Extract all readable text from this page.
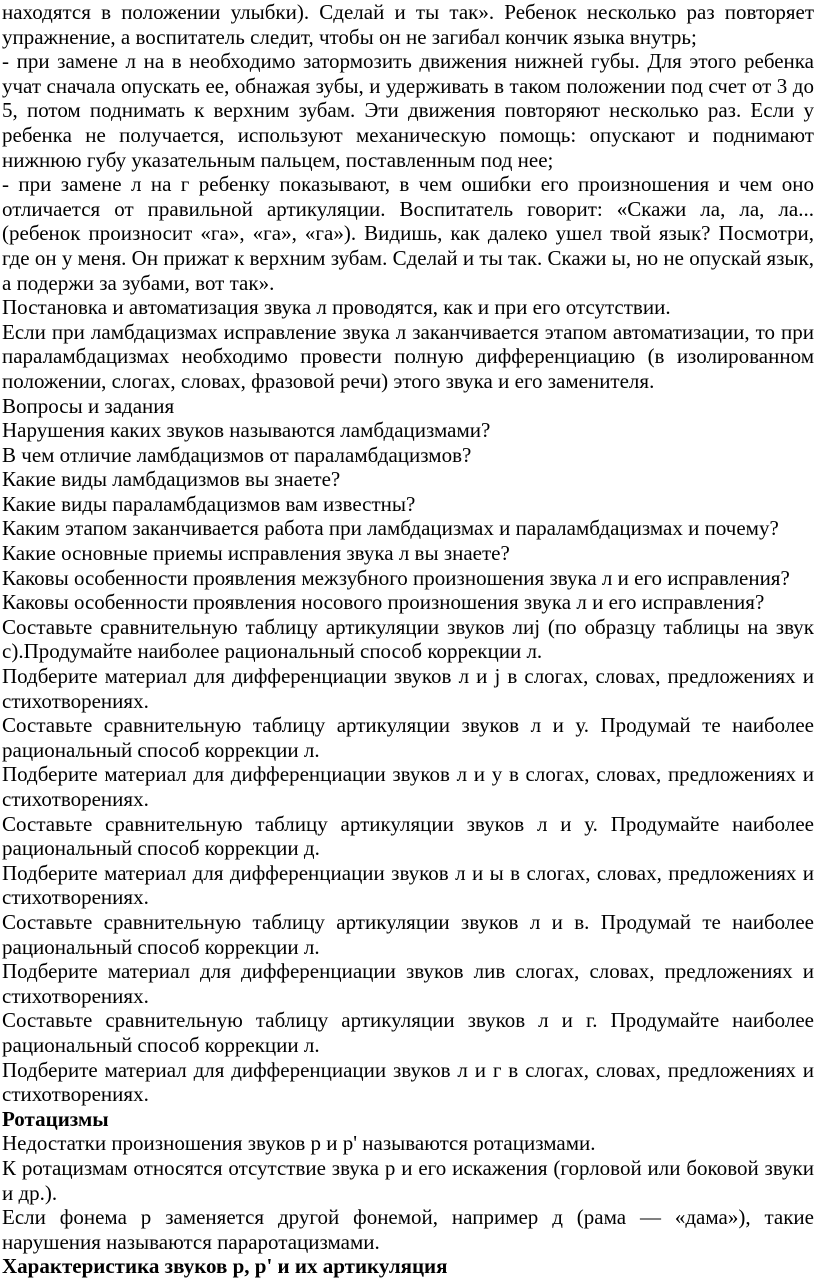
находятся в положении улыбки). Сделай и ты так». Ребенок несколько раз повторяет упражнение, а воспитатель следит, чтобы он не загибал кончик языка внутрь;

- при замене л на в необходимо затормозить движения нижней губы. Для этого ребенка учат сначала опускать ее, обнажая зубы, и удерживать в таком положении под счет от 3 до 5, потом поднимать к верхним зубам. Эти движения повторяют несколько раз. Если у ребенка не получается, используют механическую помощь: опускают и поднимают нижнюю губу указательным пальцем, поставленным под нее;

- при замене л на г ребенку показывают, в чем ошибки его произношения и чем оно отличается от правильной артикуляции. Воспитатель говорит: «Скажи ла, ла, ла... (ребенок произносит «га», «га», «га»). Видишь, как далеко ушел твой язык? Посмотри, где он у меня. Он прижат к верхним зубам. Сделай и ты так. Скажи ы, но не опускай язык, а подержи за зубами, вот так».

Постановка и автоматизация звука л проводятся, как и при его отсутствии.

Если при ламбдацизмах исправление звука л заканчивается этапом автоматизации, то при параламбдацизмах необходимо провести полную дифференциацию (в изолированном положении, слогах, словах, фразовой речи) этого звука и его заменителя.

Вопросы и задания

Нарушения каких звуков называются ламбдацизмами?

В чем отличие ламбдацизмов от параламбдацизмов?

Какие виды ламбдацизмов вы знаете?

Какие виды параламбдацизмов вам известны?

Каким этапом заканчивается работа при ламбдацизмах и параламбдацизмах и почему?

Какие основные приемы исправления звука л вы знаете?

Каковы особенности проявления межзубного произношения звука л и его исправления?

Каковы особенности проявления носового произношения звука л и его исправления?

Составьте сравнительную таблицу артикуляции звуков лиј (по образцу таблицы на звук с).Продумайте наиболее рациональный способ коррекции л.

Подберите материал для дифференциации звуков л и ј в слогах, словах, предложениях и стихотворениях.

Составьте сравнительную таблицу артикуляции звуков л и у. Продумай те наиболее рациональный способ коррекции л.

Подберите материал для дифференциации звуков л и у в слогах, словах, предложениях и стихотворениях.

Составьте сравнительную таблицу артикуляции звуков л и у. Продумайте наиболее рациональный способ коррекции д.

Подберите материал для дифференциации звуков л и ы в слогах, словах, предложениях и стихотворениях.

Составьте сравнительную таблицу артикуляции звуков л и в. Продумай те наиболее рациональный способ коррекции л.

Подберите материал для дифференциации звуков лив слогах, словах, предложениях и стихотворениях.

Составьте сравнительную таблицу артикуляции звуков л и г. Продумайте наиболее рациональный способ коррекции л.

Подберите материал для дифференциации звуков л и г в слогах, словах, предложениях и стихотворениях.

Ротацизмы

Недостатки произношения звуков р и р' называются ротацизмами.

К ротацизмам относятся отсутствие звука р и его искажения (горловой или боковой звуки и др.).

Если фонема р заменяется другой фонемой, например д (рама — «дама»), такие нарушения называются параротацизмами.

Характеристика звуков р, р' и их артикуляция
